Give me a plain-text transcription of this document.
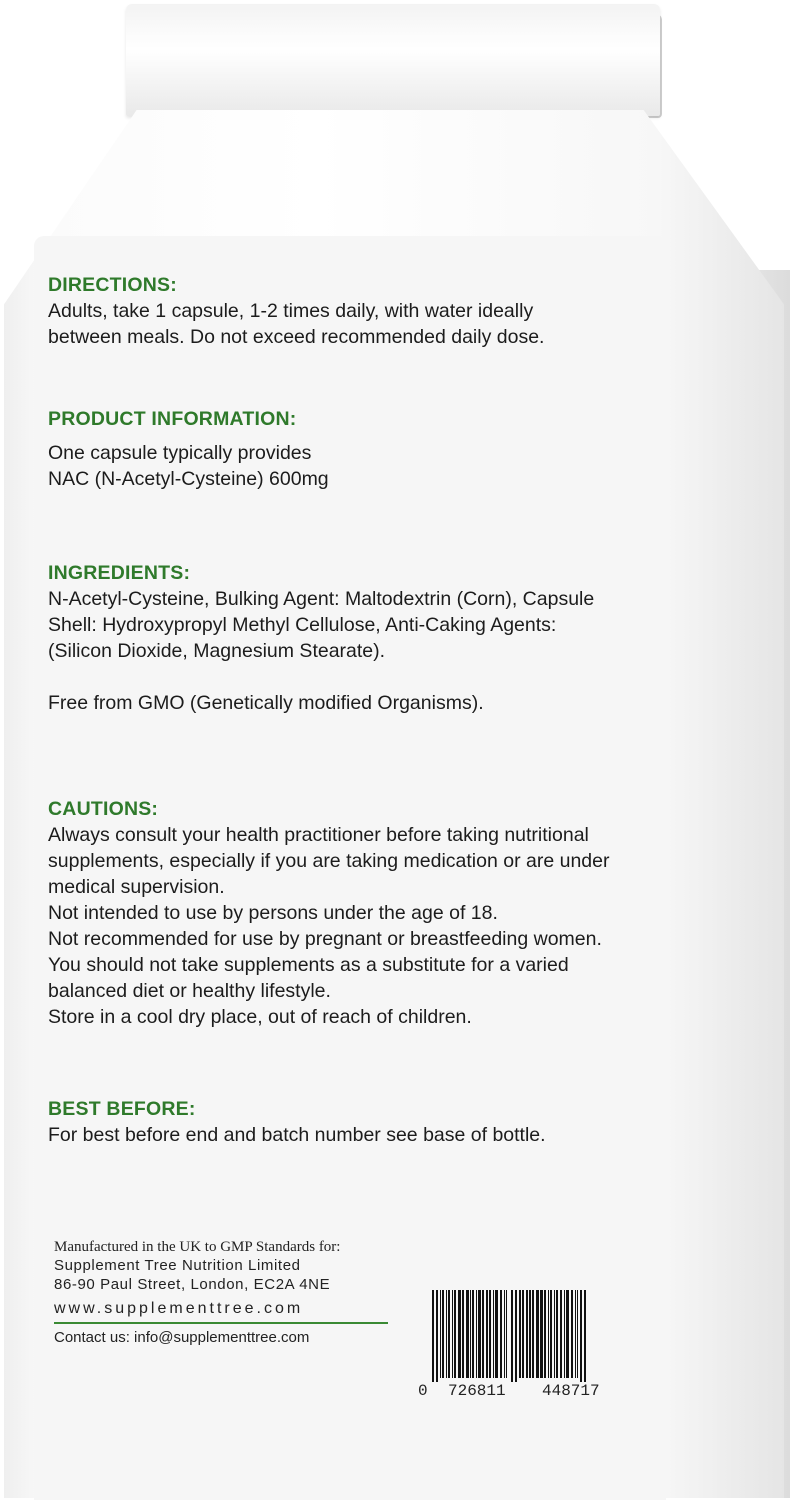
DIRECTIONS:

Adults, take 1 capsule, 1-2 times daily, with water ideally

between meals. Do not exceed recommended daily dose.

PRODUCT INFORMATION:

One capsule typically provides

NAC (N-Acetyl-Cysteine) 600mg

INGREDIENTS:

N-Acetyl-Cysteine, Bulking Agent: Maltodextrin (Corn), Capsule

Shell: Hydroxypropyl Methyl Cellulose, Anti-Caking Agents:

(Silicon Dioxide, Magnesium Stearate).

Free from GMO (Genetically modified Organisms).

CAUTIONS:

Always consult your health practitioner before taking nutritional

supplements, especially if you are taking medication or are under

medical supervision.

Not intended to use by persons under the age of 18.

Not recommended for use by pregnant or breastfeeding women.

You should not take supplements as a substitute for a varied

balanced diet or healthy lifestyle.

Store in a cool dry place, out of reach of children.

BEST BEFORE:

For best before end and batch number see base of bottle.

Manufactured in the UK to GMP Standards for:
Supplement Tree Nutrition Limited
86-90 Paul Street, London, EC2A 4NE
www.supplementtree.com
Contact us: info@supplementtree.com
0 726811 448717
